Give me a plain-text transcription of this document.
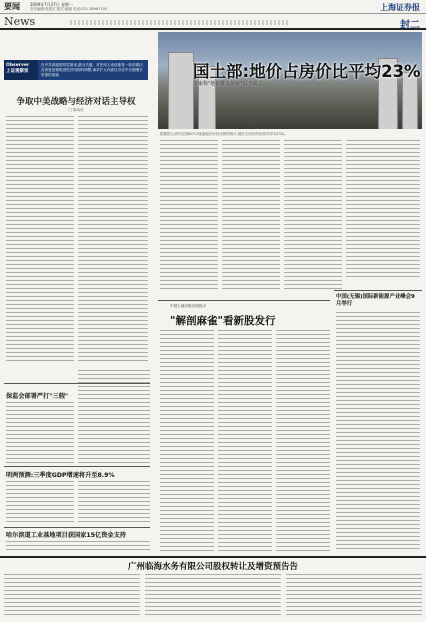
要闻	2009年7月27日 星期一
责任编辑:张夏宏 版式:施丽 电话:021-38967705	上海证券报
News	封二
Observer
上证观察家
在中共高级领导层看来,最为关键、对任何人来说都是一致的做法,应该是加紧推进经济结构的调整,谋求扩大内需以夯实中长期增长所需的基础
争取中美战略与经济对话主导权
□ 陈凤英
国土部:地价占房价比平均23%
专家称"地价推高房价"说不成立
根据国土部对全国620个楼盘地价房价比例的统计,地价占房价的比例平均为23%。
中国土地价格出现拐点
"解剖麻雀"看新股发行
中国(无锡)国际新能源产业峰会9月举行
保监会部署严打"三假"
明两预测:三季度GDP增速将升至8.9%
哈尔滨道工业基地项目获国家15亿资金支持
广州临海水务有限公司股权转让及增资预告告
